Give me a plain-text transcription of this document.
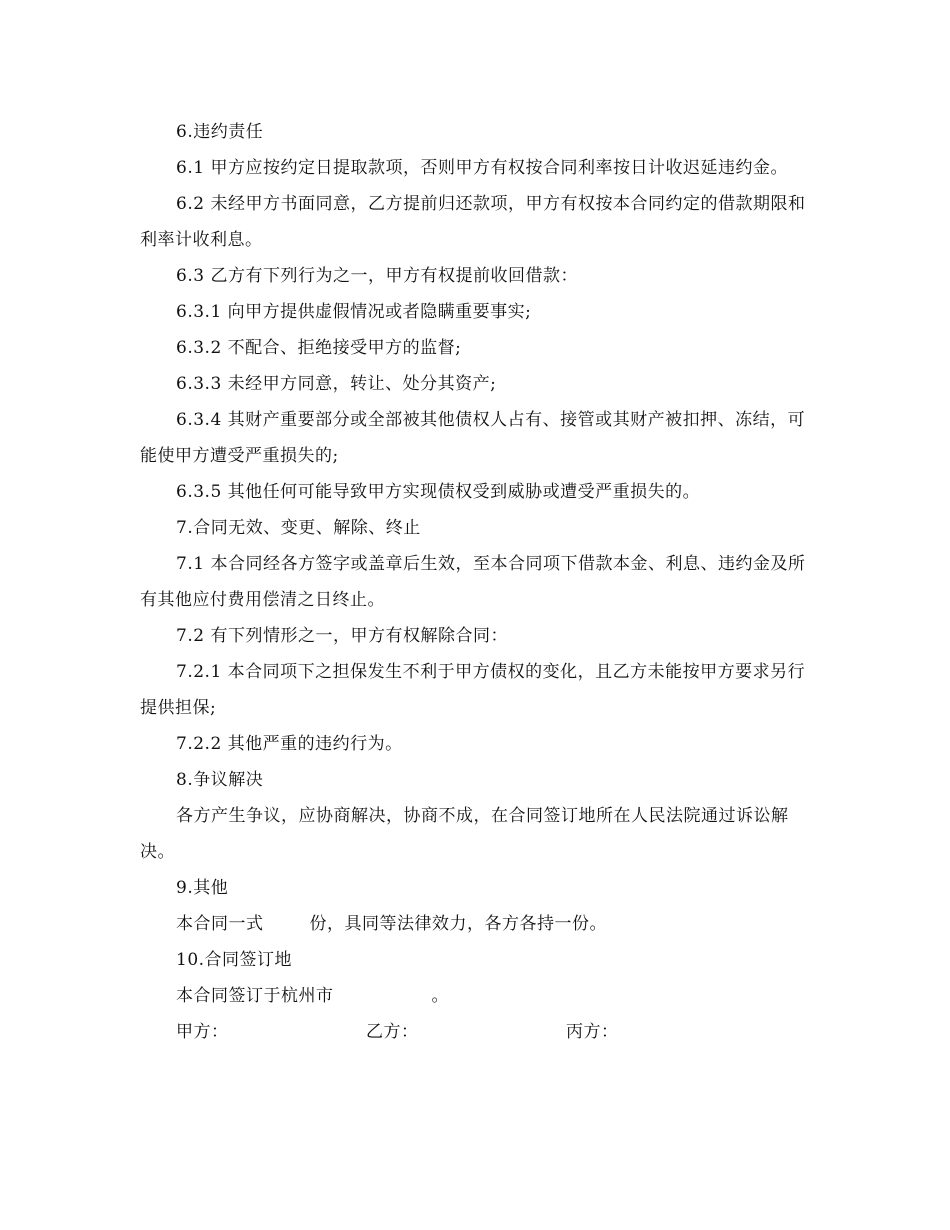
6.违约责任

6.1 甲方应按约定日提取款项，否则甲方有权按合同利率按日计收迟延违约金。

6.2 未经甲方书面同意，乙方提前归还款项，甲方有权按本合同约定的借款期限和利率计收利息。

6.3 乙方有下列行为之一，甲方有权提前收回借款：

6.3.1 向甲方提供虚假情况或者隐瞒重要事实;

6.3.2 不配合、拒绝接受甲方的监督;

6.3.3 未经甲方同意，转让、处分其资产;

6.3.4 其财产重要部分或全部被其他债权人占有、接管或其财产被扣押、冻结，可能使甲方遭受严重损失的;

6.3.5 其他任何可能导致甲方实现债权受到威胁或遭受严重损失的。

7.合同无效、变更、解除、终止

7.1 本合同经各方签字或盖章后生效，至本合同项下借款本金、利息、违约金及所有其他应付费用偿清之日终止。

7.2 有下列情形之一，甲方有权解除合同：

7.2.1 本合同项下之担保发生不利于甲方债权的变化，且乙方未能按甲方要求另行提供担保;

7.2.2 其他严重的违约行为。

8.争议解决

各方产生争议，应协商解决，协商不成，在合同签订地所在人民法院通过诉讼解决。

9.其他

本合同一式	份，具同等法律效力，各方各持一份。

10.合同签订地

本合同签订于杭州市	。

甲方：	乙方：	丙方：
